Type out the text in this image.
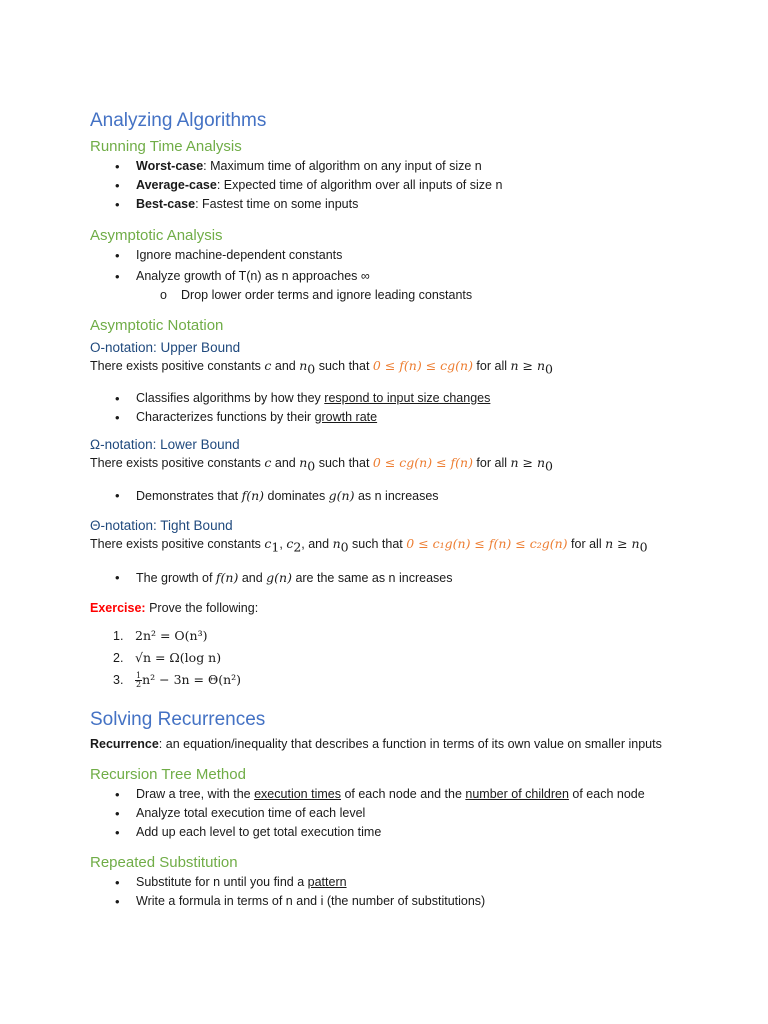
Analyzing Algorithms
Running Time Analysis
• Worst-case: Maximum time of algorithm on any input of size n
• Average-case: Expected time of algorithm over all inputs of size n
• Best-case: Fastest time on some inputs
Asymptotic Analysis
• Ignore machine-dependent constants
• Analyze growth of T(n) as n approaches ∞
o Drop lower order terms and ignore leading constants
Asymptotic Notation
O-notation: Upper Bound

There exists positive constants c and $n_0$ such that 0 ≤ f(n) ≤ cg(n) for all $n \ge n_0$

• Classifies algorithms by how they respond to input size changes
• Characterizes functions by their growth rate
Ω-notation: Lower Bound

There exists positive constants c and $n_0$ such that 0 ≤ cg(n) ≤ f(n) for all $n \ge n_0$

• Demonstrates that f(n) dominates g(n) as n increases
Θ-notation: Tight Bound

There exists positive constants $c_1$, $c_2$, and $n_0$ such that 0 ≤ c₁g(n) ≤ f(n) ≤ c₂g(n) for all $n \ge n_0$

• The growth of f(n) and g(n) are the same as n increases

Exercise: Prove the following:

1. 2n² = O(n³)
2. √n = Ω(log n)
3. $\frac{1}{2} n^2 - 3n = \Theta(n^2)$
Solving Recurrences

Recurrence: an equation/inequality that describes a function in terms of its own value on smaller inputs

Recursion Tree Method
• Draw a tree, with the execution times of each node and the number of children of each node
• Analyze total execution time of each level
• Add up each level to get total execution time
Repeated Substitution
• Substitute for n until you find a pattern
• Write a formula in terms of n and i (the number of substitutions)
